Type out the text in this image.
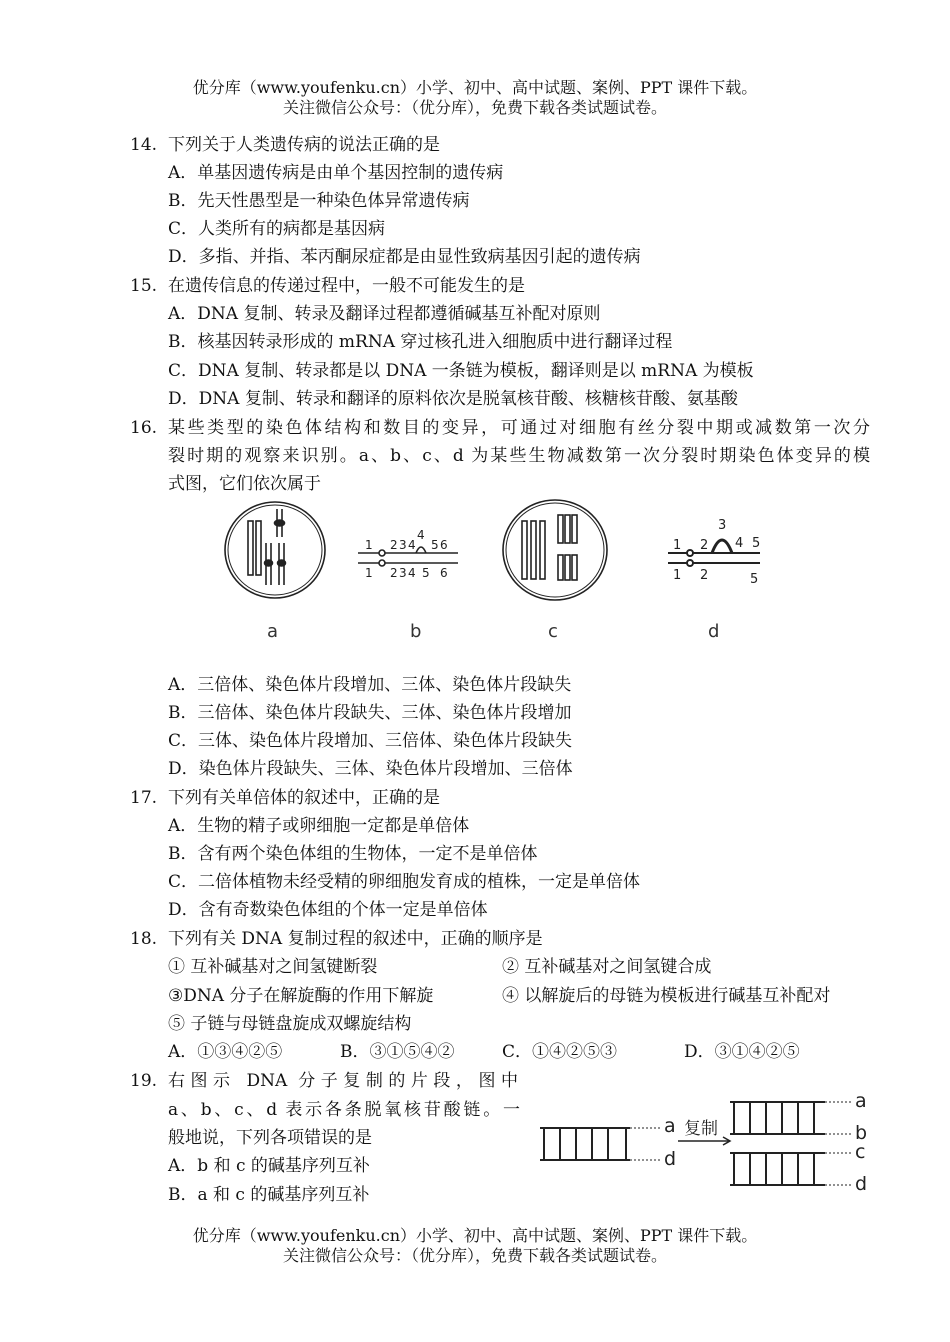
优分库（www.youfenku.cn）小学、初中、高中试题、案例、PPT 课件下载。
关注微信公众号：（优分库），免费下载各类试题试卷。
14. 下列关于人类遗传病的说法正确的是
A．单基因遗传病是由单个基因控制的遗传病
B．先天性愚型是一种染色体异常遗传病
C．人类所有的病都是基因病
D．多指、并指、苯丙酮尿症都是由显性致病基因引起的遗传病
15. 在遗传信息的传递过程中，一般不可能发生的是
A．DNA 复制、转录及翻译过程都遵循碱基互补配对原则
B．核基因转录形成的 mRNA 穿过核孔进入细胞质中进行翻译过程
C．DNA 复制、转录都是以 DNA 一条链为模板，翻译则是以 mRNA 为模板
D．DNA 复制、转录和翻译的原料依次是脱氧核苷酸、核糖核苷酸、氨基酸
16. 某些类型的染色体结构和数目的变异，可通过对细胞有丝分裂中期或减数第一次分
裂时期的观察来识别。a、b、c、d 为某些生物减数第一次分裂时期染色体变异的模
式图，它们依次属于
1 2 3 4
4
5 6
1 2 3 4 5 6
1 2
3
4 5
1 2	5
a	b	c	d
A．三倍体、染色体片段增加、三体、染色体片段缺失
B．三倍体、染色体片段缺失、三体、染色体片段增加
C．三体、染色体片段增加、三倍体、染色体片段缺失
D．染色体片段缺失、三体、染色体片段增加、三倍体
17. 下列有关单倍体的叙述中，正确的是
A．生物的精子或卵细胞一定都是单倍体
B．含有两个染色体组的生物体，一定不是单倍体
C．二倍体植物未经受精的卵细胞发育成的植株，一定是单倍体
D．含有奇数染色体组的个体一定是单倍体
18. 下列有关 DNA 复制过程的叙述中，正确的顺序是
① 互补碱基对之间氢键断裂	② 互补碱基对之间氢键合成
③DNA 分子在解旋酶的作用下解旋	④ 以解旋后的母链为模板进行碱基互补配对
⑤ 子链与母链盘旋成双螺旋结构
A．①③④②⑤	B．③①⑤④②	C．①④②⑤③	D．③①④②⑤
19. 右图示 DNA 分子复制的片段，图中
a、b、c、d 表示各条脱氧核苷酸链。一
般地说，下列各项错误的是
A．b 和 c 的碱基序列互补
B．a 和 c 的碱基序列互补
a
d
a
b
c
d
复制
优分库（www.youfenku.cn）小学、初中、高中试题、案例、PPT 课件下载。
关注微信公众号：（优分库），免费下载各类试题试卷。
